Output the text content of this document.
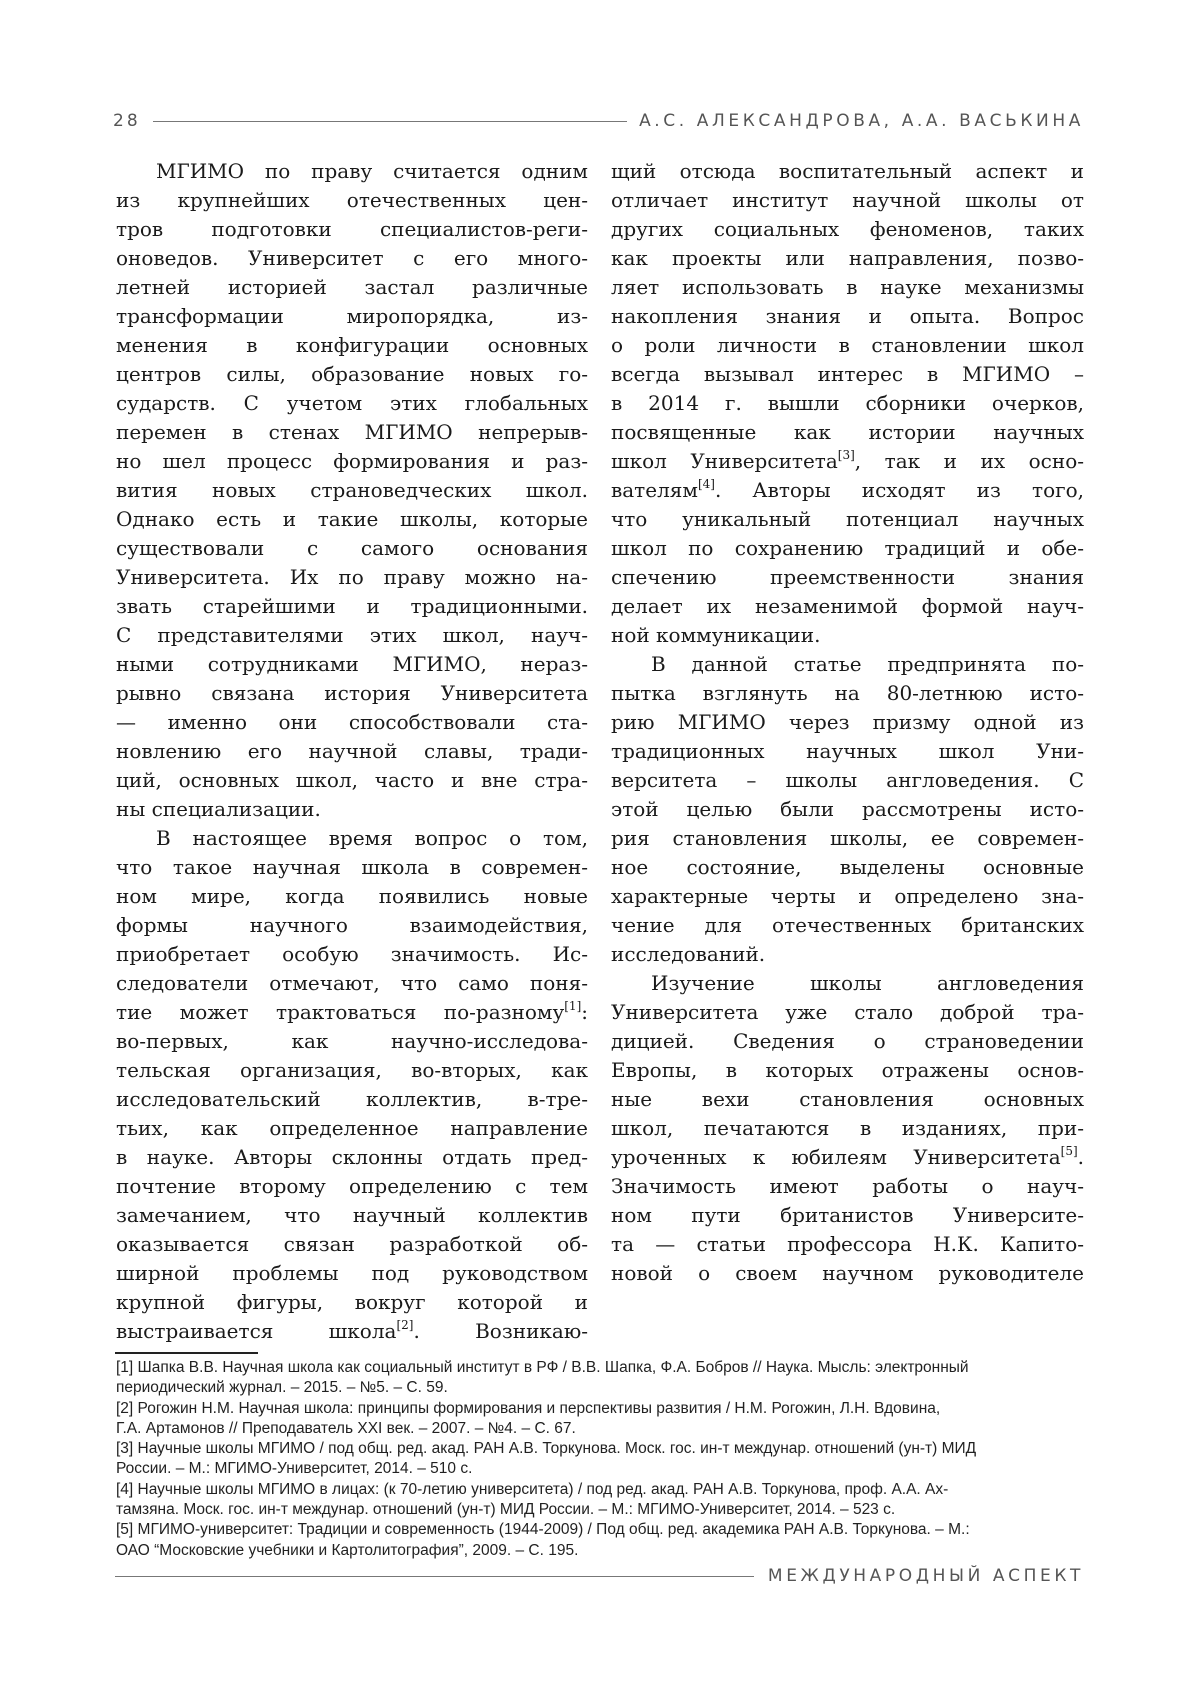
28	А.С. АЛЕКСАНДРОВА, А.А. ВАСЬКИНА
МГИМО по праву считается одним
из крупнейших отечественных цен-
тров подготовки специалистов-реги-
оноведов. Университет с его много-
летней историей застал различные
трансформации миропорядка, из-
менения в конфигурации основных
центров силы, образование новых го-
сударств. С учетом этих глобальных
перемен в стенах МГИМО непрерыв-
но шел процесс формирования и раз-
вития новых страноведческих школ.
Однако есть и такие школы, которые
существовали с самого основания
Университета. Их по праву можно на-
звать старейшими и традиционными.
С представителями этих школ, науч-
ными сотрудниками МГИМО, нераз-
рывно связана история Университета
— именно они способствовали ста-
новлению его научной славы, тради-
ций, основных школ, часто и вне стра-
ны специализации.
В настоящее время вопрос о том,
что такое научная школа в современ-
ном мире, когда появились новые
формы научного взаимодействия,
приобретает особую значимость. Ис-
следователи отмечают, что само поня-
тие может трактоваться по-разному[1]:
во-первых, как научно-исследова-
тельская организация, во-вторых, как
исследовательский коллектив, в-тре-
тьих, как определенное направление
в науке. Авторы склонны отдать пред-
почтение второму определению с тем
замечанием, что научный коллектив
оказывается связан разработкой об-
ширной проблемы под руководством
крупной фигуры, вокруг которой и
выстраивается школа[2]. Возникаю-
щий отсюда воспитательный аспект и
отличает институт научной школы от
других социальных феноменов, таких
как проекты или направления, позво-
ляет использовать в науке механизмы
накопления знания и опыта. Вопрос
о роли личности в становлении школ
всегда вызывал интерес в МГИМО –
в 2014 г. вышли сборники очерков,
посвященные как истории научных
школ Университета[3], так и их осно-
вателям[4]. Авторы исходят из того,
что уникальный потенциал научных
школ по сохранению традиций и обе-
спечению преемственности знания
делает их незаменимой формой науч-
ной коммуникации.
В данной статье предпринята по-
пытка взглянуть на 80-летнюю исто-
рию МГИМО через призму одной из
традиционных научных школ Уни-
верситета – школы англоведения. С
этой целью были рассмотрены исто-
рия становления школы, ее современ-
ное состояние, выделены основные
характерные черты и определено зна-
чение для отечественных британских
исследований.
Изучение школы англоведения
Университета уже стало доброй тра-
дицией. Сведения о страноведении
Европы, в которых отражены основ-
ные вехи становления основных
школ, печатаются в изданиях, при-
уроченных к юбилеям Университета[5].
Значимость имеют работы о науч-
ном пути британистов Университе-
та — статьи профессора Н.К. Капито-
новой о своем научном руководителе
[1] Шапка В.В. Научная школа как социальный институт в РФ / В.В. Шапка, Ф.А. Бобров // Наука. Мысль: электронный
периодический журнал. – 2015. – №5. – С. 59.
[2] Рогожин Н.М. Научная школа: принципы формирования и перспективы развития / Н.М. Рогожин, Л.Н. Вдовина,
Г.А. Артамонов // Преподаватель XXI век. – 2007. – №4. – С. 67.
[3] Научные школы МГИМО / под общ. ред. акад. РАН А.В. Торкунова. Моск. гос. ин-т междунар. отношений (ун-т) МИД
России. – М.: МГИМО-Университет, 2014. – 510 с.
[4] Научные школы МГИМО в лицах: (к 70-летию университета) / под ред. акад. РАН А.В. Торкунова, проф. А.А. Ах-
тамзяна. Моск. гос. ин-т междунар. отношений (ун-т) МИД России. – М.: МГИМО-Университет, 2014. – 523 с.
[5] МГИМО-университет: Традиции и современность (1944-2009) / Под общ. ред. академика РАН А.В. Торкунова. – М.:
ОАО “Московские учебники и Картолитография”, 2009. – С. 195.
МЕЖДУНАРОДНЫЙ АСПЕКТ
